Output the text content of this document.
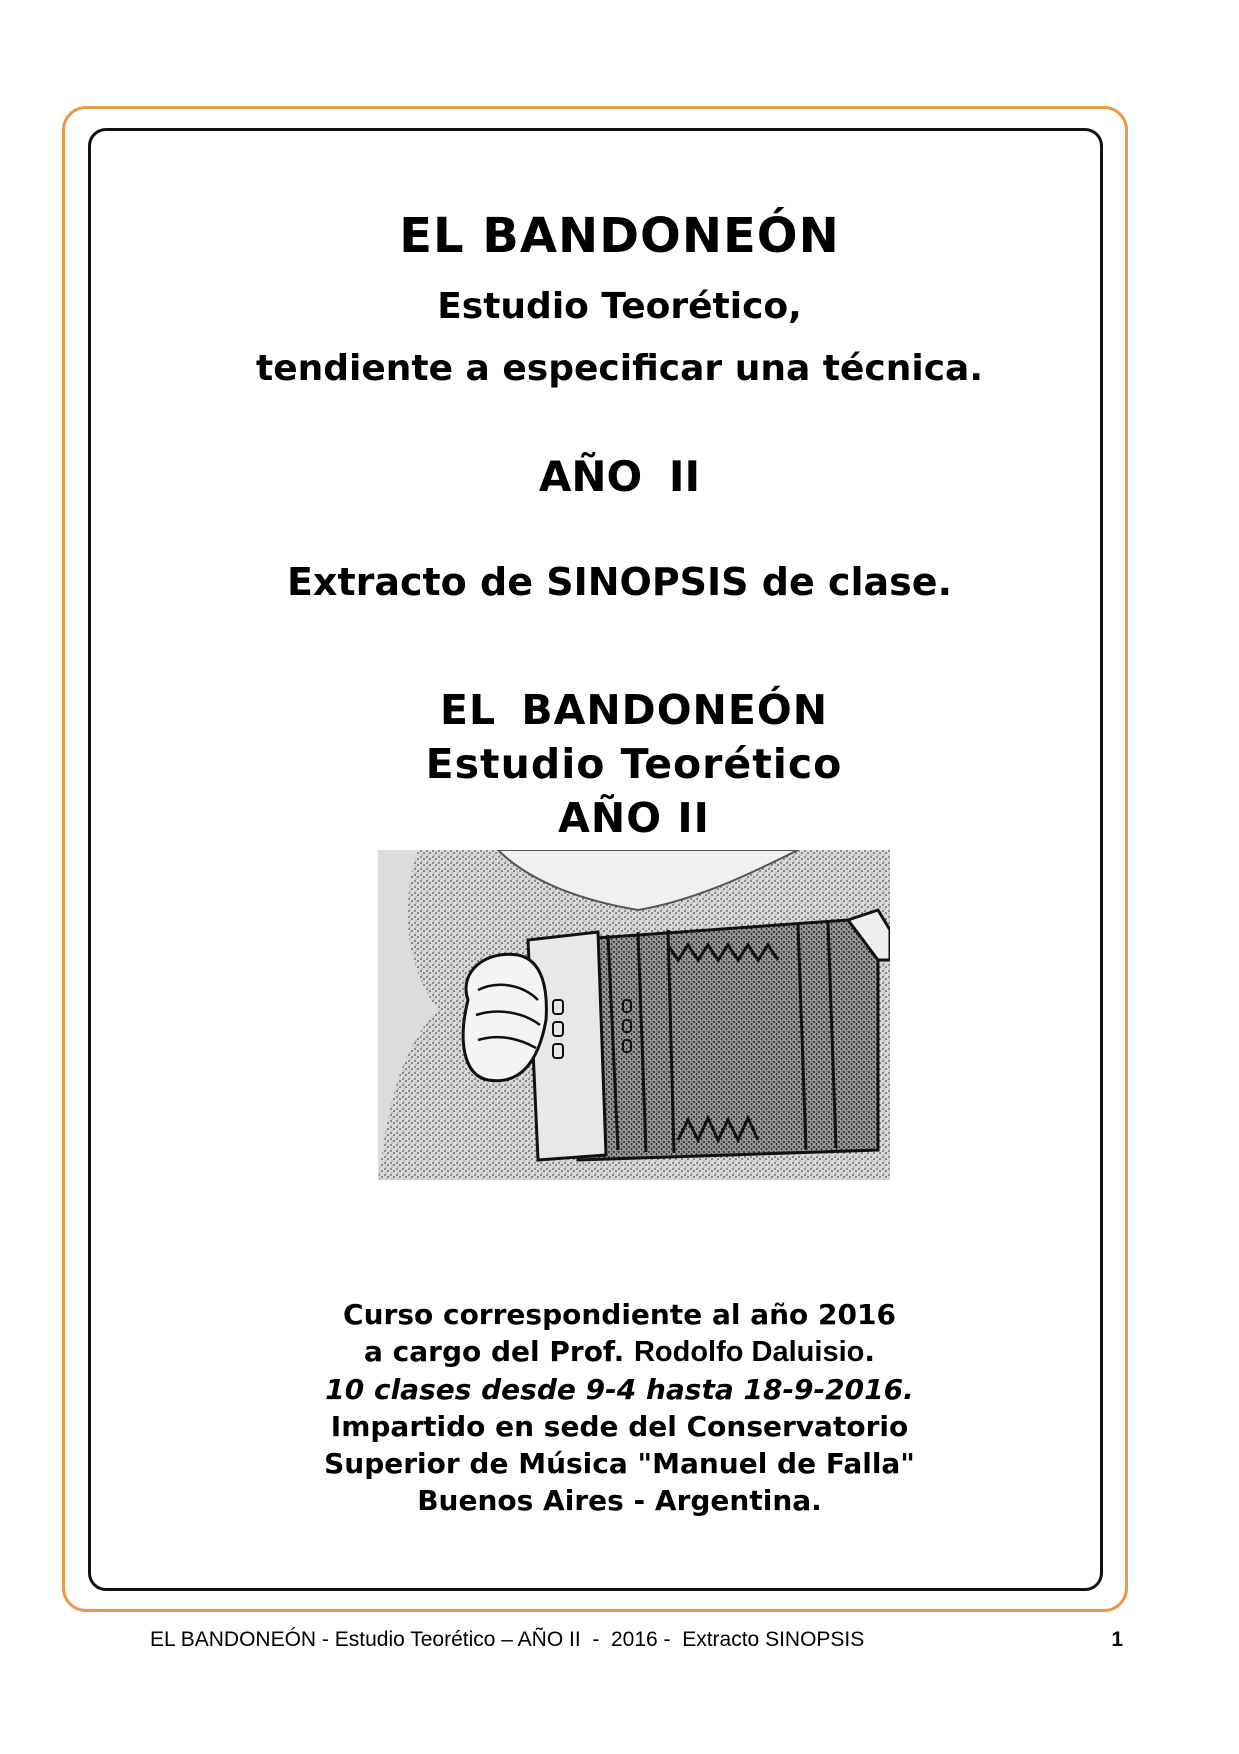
EL BANDONEÓN

Estudio Teorético,

tendiente a especificar una técnica.

AÑO II

Extracto de SINOPSIS de clase.

EL BANDONEÓN

Estudio Teorético

AÑO II

Curso correspondiente al año 2016
a cargo del Prof. Rodolfo Daluisio.
10 clases desde 9-4 hasta 18-9-2016.
Impartido en sede del Conservatorio
Superior de Música "Manuel de Falla"
Buenos Aires - Argentina.

EL BANDONEÓN - Estudio Teorético – AÑO II  -  2016 -  Extracto SINOPSIS	1
